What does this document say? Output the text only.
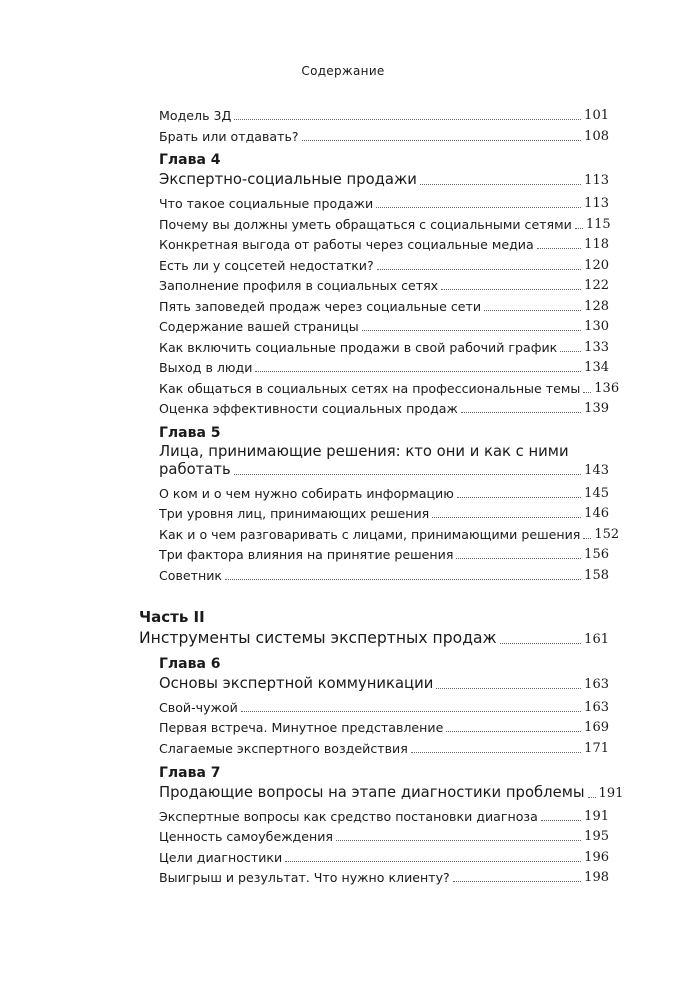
Содержание
Модель 3Д	101
Брать или отдавать?	108
Глава 4
Экспертно-социальные продажи	113
Что такое социальные продажи	113
Почему вы должны уметь обращаться с социальными сетями 115
Конкретная выгода от работы через социальные медиа	118
Есть ли у соцсетей недостатки?	120
Заполнение профиля в социальных сетях	122
Пять заповедей продаж через социальные сети	128
Содержание вашей страницы	130
Как включить социальные продажи в свой рабочий график 133
Выход в люди	134
Как общаться в социальных сетях на профессиональные темы 136
Оценка эффективности социальных продаж	139
Глава 5
Лица, принимающие решения: кто они и как с ними
работать	143
О ком и о чем нужно собирать информацию	145
Три уровня лиц, принимающих решения	146
Как и о чем разговаривать с лицами, принимающими решения 152
Три фактора влияния на принятие решения	156
Советник	158
Часть II
Инструменты системы экспертных продаж	161
Глава 6
Основы экспертной коммуникации	163
Свой-чужой	163
Первая встреча. Минутное представление	169
Слагаемые экспертного воздействия	171
Глава 7
Продающие вопросы на этапе диагностики проблемы 191
Экспертные вопросы как средство постановки диагноза	191
Ценность самоубеждения	195
Цели диагностики	196
Выигрыш и результат. Что нужно клиенту?	198
